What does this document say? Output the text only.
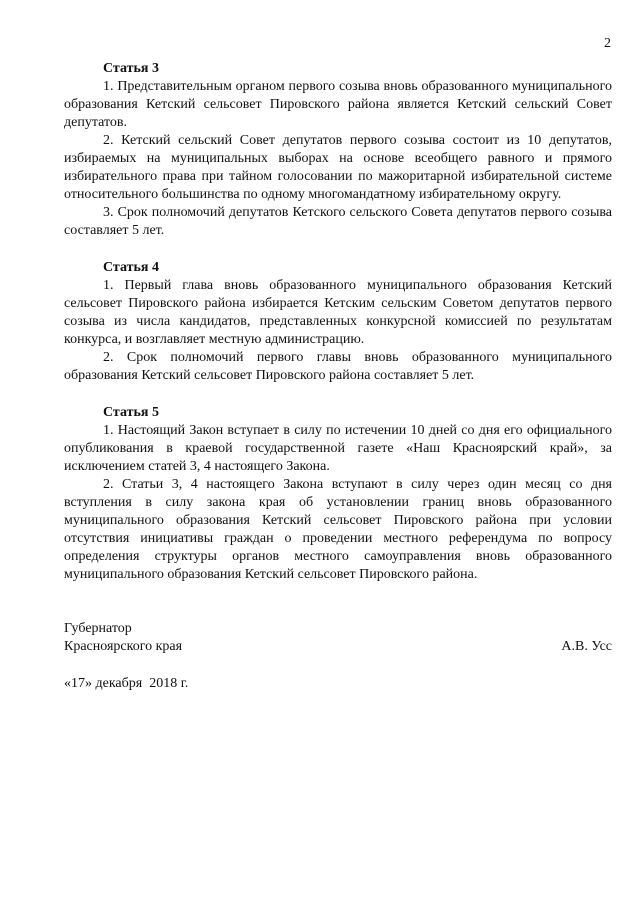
2
Статья 3
1. Представительным органом первого созыва вновь образованного муниципального образования Кетский сельсовет Пировского района является Кетский сельский Совет депутатов.
2. Кетский сельский Совет депутатов первого созыва состоит из 10 депутатов, избираемых на муниципальных выборах на основе всеобщего равного и прямого избирательного права при тайном голосовании по мажоритарной избирательной системе относительного большинства по одному многомандатному избирательному округу.
3. Срок полномочий депутатов Кетского сельского Совета депутатов первого созыва составляет 5 лет.
Статья 4
1. Первый глава вновь образованного муниципального образования Кетский сельсовет Пировского района избирается Кетским сельским Советом депутатов первого созыва из числа кандидатов, представленных конкурсной комиссией по результатам конкурса, и возглавляет местную администрацию.
2. Срок полномочий первого главы вновь образованного муниципального образования Кетский сельсовет Пировского района составляет 5 лет.
Статья 5
1. Настоящий Закон вступает в силу по истечении 10 дней со дня его официального опубликования в краевой государственной газете «Наш Красноярский край», за исключением статей 3, 4 настоящего Закона.
2. Статьи 3, 4 настоящего Закона вступают в силу через один месяц со дня вступления в силу закона края об установлении границ вновь образованного муниципального образования Кетский сельсовет Пировского района при условии отсутствия инициативы граждан о проведении местного референдума по вопросу определения структуры органов местного самоуправления вновь образованного муниципального образования Кетский сельсовет Пировского района.
Губернатор
Красноярского края	А.В. Усс
«17» декабря  2018 г.
